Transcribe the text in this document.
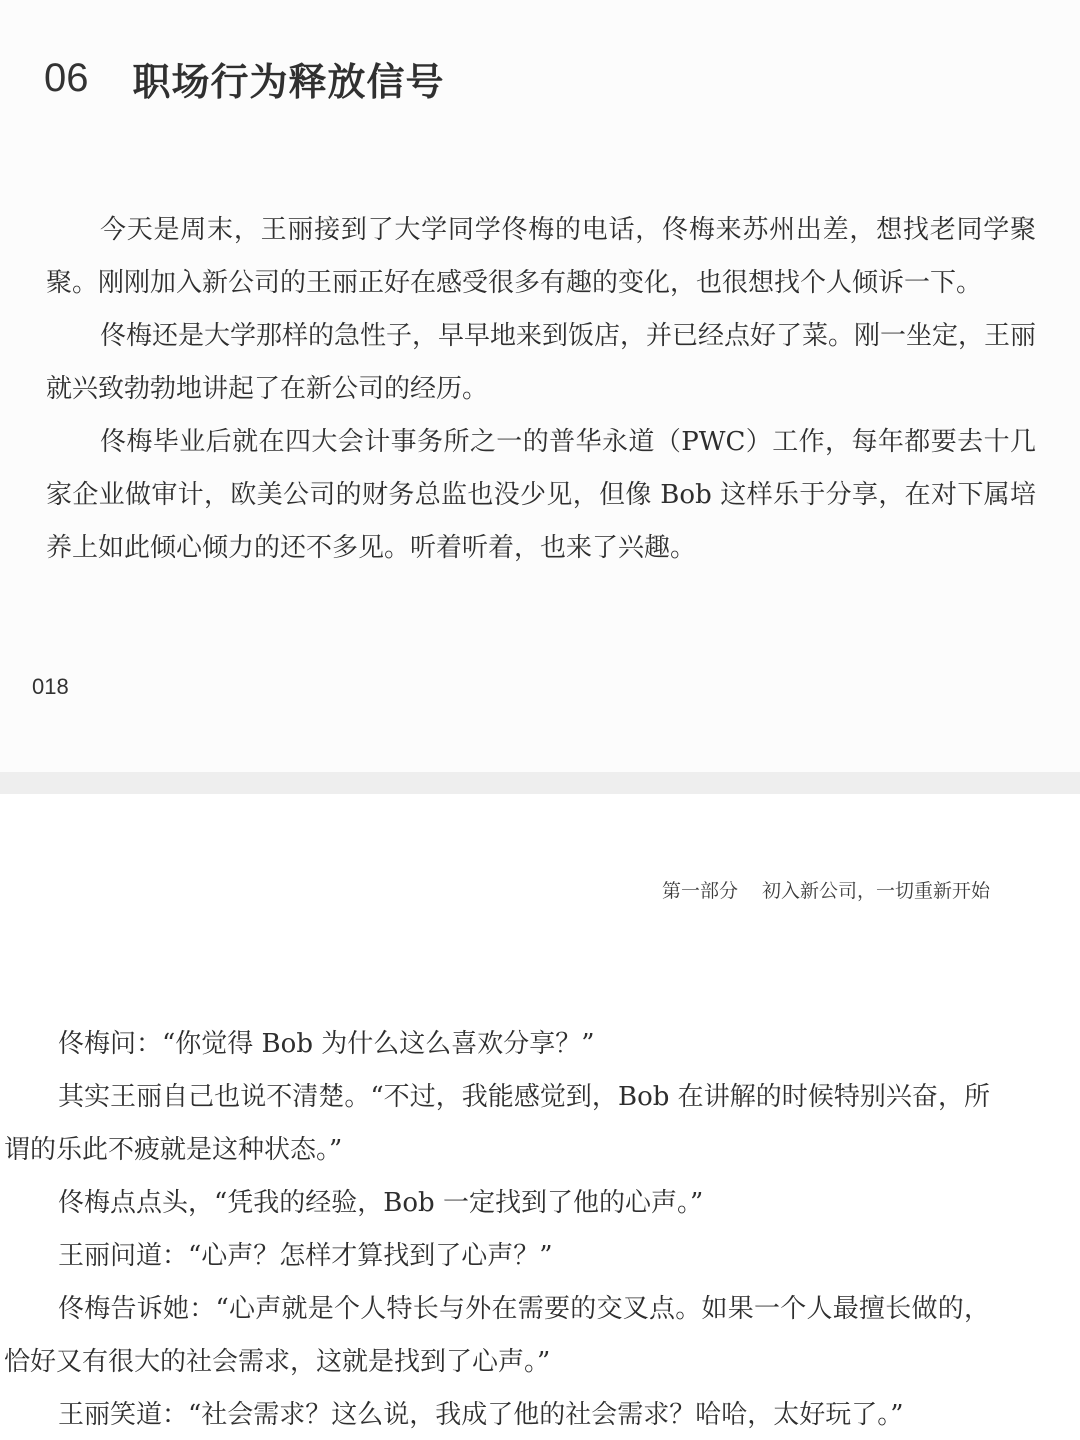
06 职场行为释放信号

今天是周末，王丽接到了大学同学佟梅的电话，佟梅来苏州出差，想找老同学聚聚。刚刚加入新公司的王丽正好在感受很多有趣的变化，也很想找个人倾诉一下。

佟梅还是大学那样的急性子，早早地来到饭店，并已经点好了菜。刚一坐定，王丽就兴致勃勃地讲起了在新公司的经历。

佟梅毕业后就在四大会计事务所之一的普华永道（PWC）工作，每年都要去十几家企业做审计，欧美公司的财务总监也没少见，但像 Bob 这样乐于分享，在对下属培养上如此倾心倾力的还不多见。听着听着，也来了兴趣。

018
第一部分 初入新公司，一切重新开始

佟梅问：“你觉得 Bob 为什么这么喜欢分享？”

其实王丽自己也说不清楚。“不过，我能感觉到，Bob 在讲解的时候特别兴奋，所谓的乐此不疲就是这种状态。”

佟梅点点头，“凭我的经验，Bob 一定找到了他的心声。”

王丽问道：“心声？怎样才算找到了心声？”

佟梅告诉她：“心声就是个人特长与外在需要的交叉点。如果一个人最擅长做的，恰好又有很大的社会需求，这就是找到了心声。”

王丽笑道：“社会需求？这么说，我成了他的社会需求？哈哈，太好玩了。”
